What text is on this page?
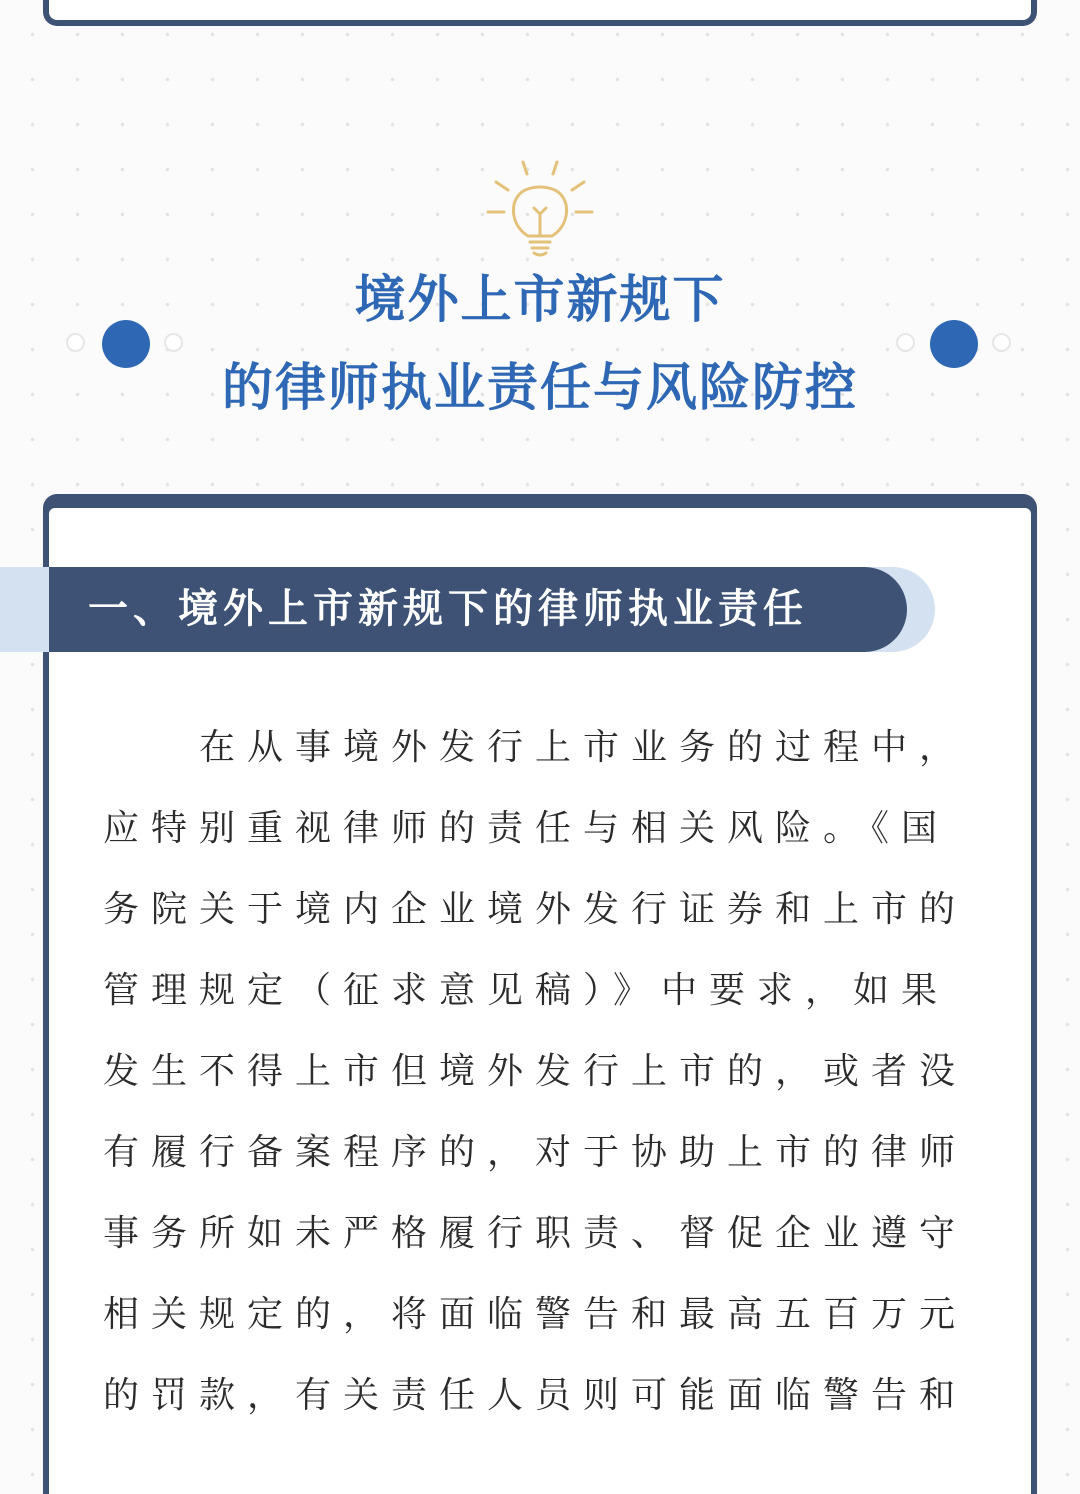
境外上市新规下
的律师执业责任与风险防控
一、境外上市新规下的律师执业责任
在从事境外发行上市业务的过程中，应特别重视律师的责任与相关风险。《国务院关于境内企业境外发行证券和上市的管理规定（征求意见稿）》中要求，如果发生不得上市但境外发行上市的，或者没有履行备案程序的，对于协助上市的律师事务所如未严格履行职责、督促企业遵守相关规定的，将面临警告和最高五百万元的罚款，有关责任人员则可能面临警告和
